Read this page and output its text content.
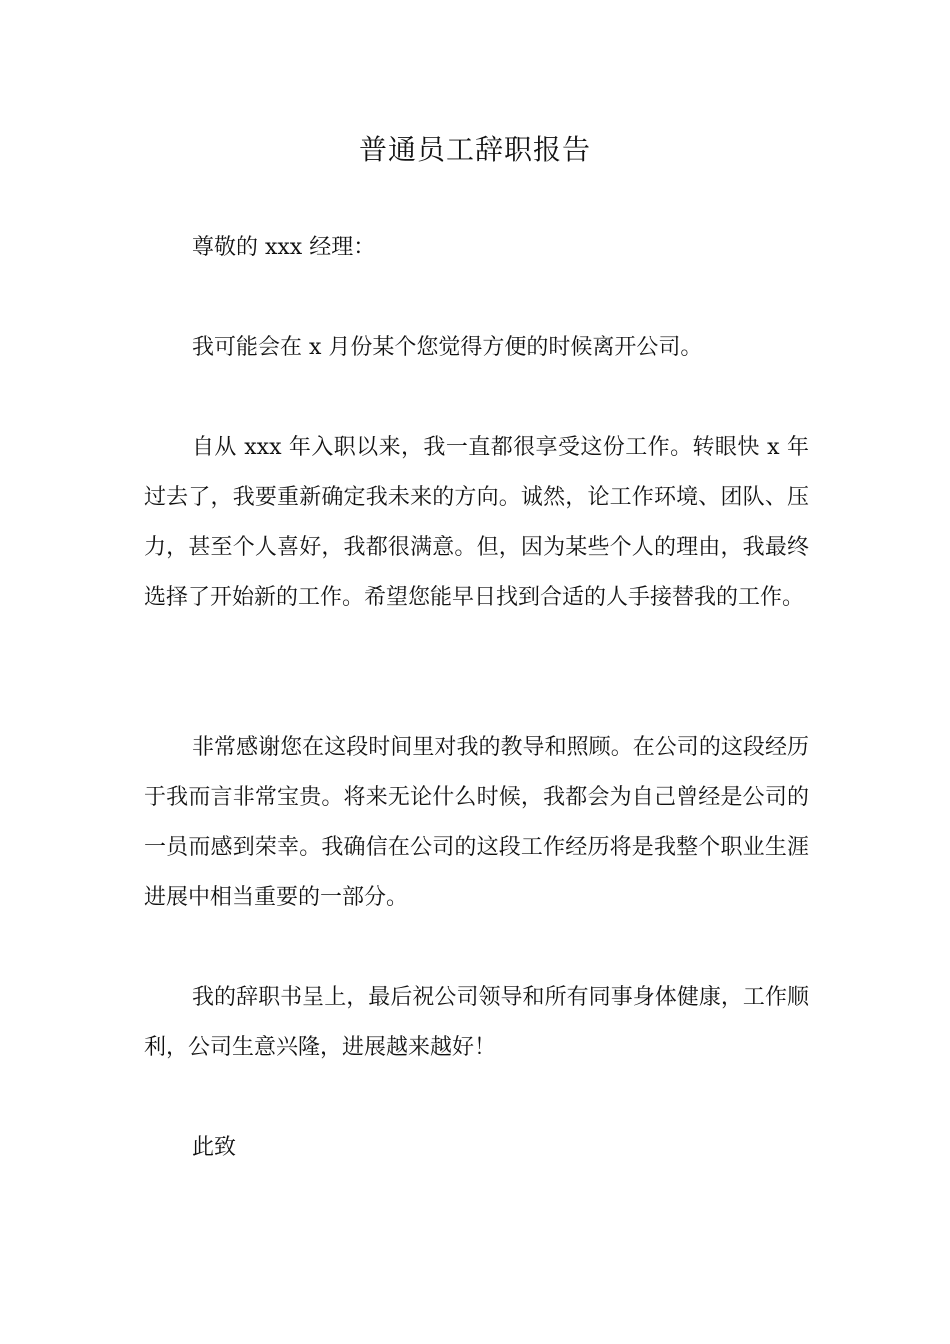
普通员工辞职报告

尊敬的 xxx 经理：

我可能会在 x 月份某个您觉得方便的时候离开公司。

自从 xxx 年入职以来，我一直都很享受这份工作。转眼快 x 年过去了，我要重新确定我未来的方向。诚然，论工作环境、团队、压力，甚至个人喜好，我都很满意。但，因为某些个人的理由，我最终选择了开始新的工作。希望您能早日找到合适的人手接替我的工作。

非常感谢您在这段时间里对我的教导和照顾。在公司的这段经历于我而言非常宝贵。将来无论什么时候，我都会为自己曾经是公司的一员而感到荣幸。我确信在公司的这段工作经历将是我整个职业生涯进展中相当重要的一部分。

我的辞职书呈上，最后祝公司领导和所有同事身体健康，工作顺利，公司生意兴隆，进展越来越好！

此致
